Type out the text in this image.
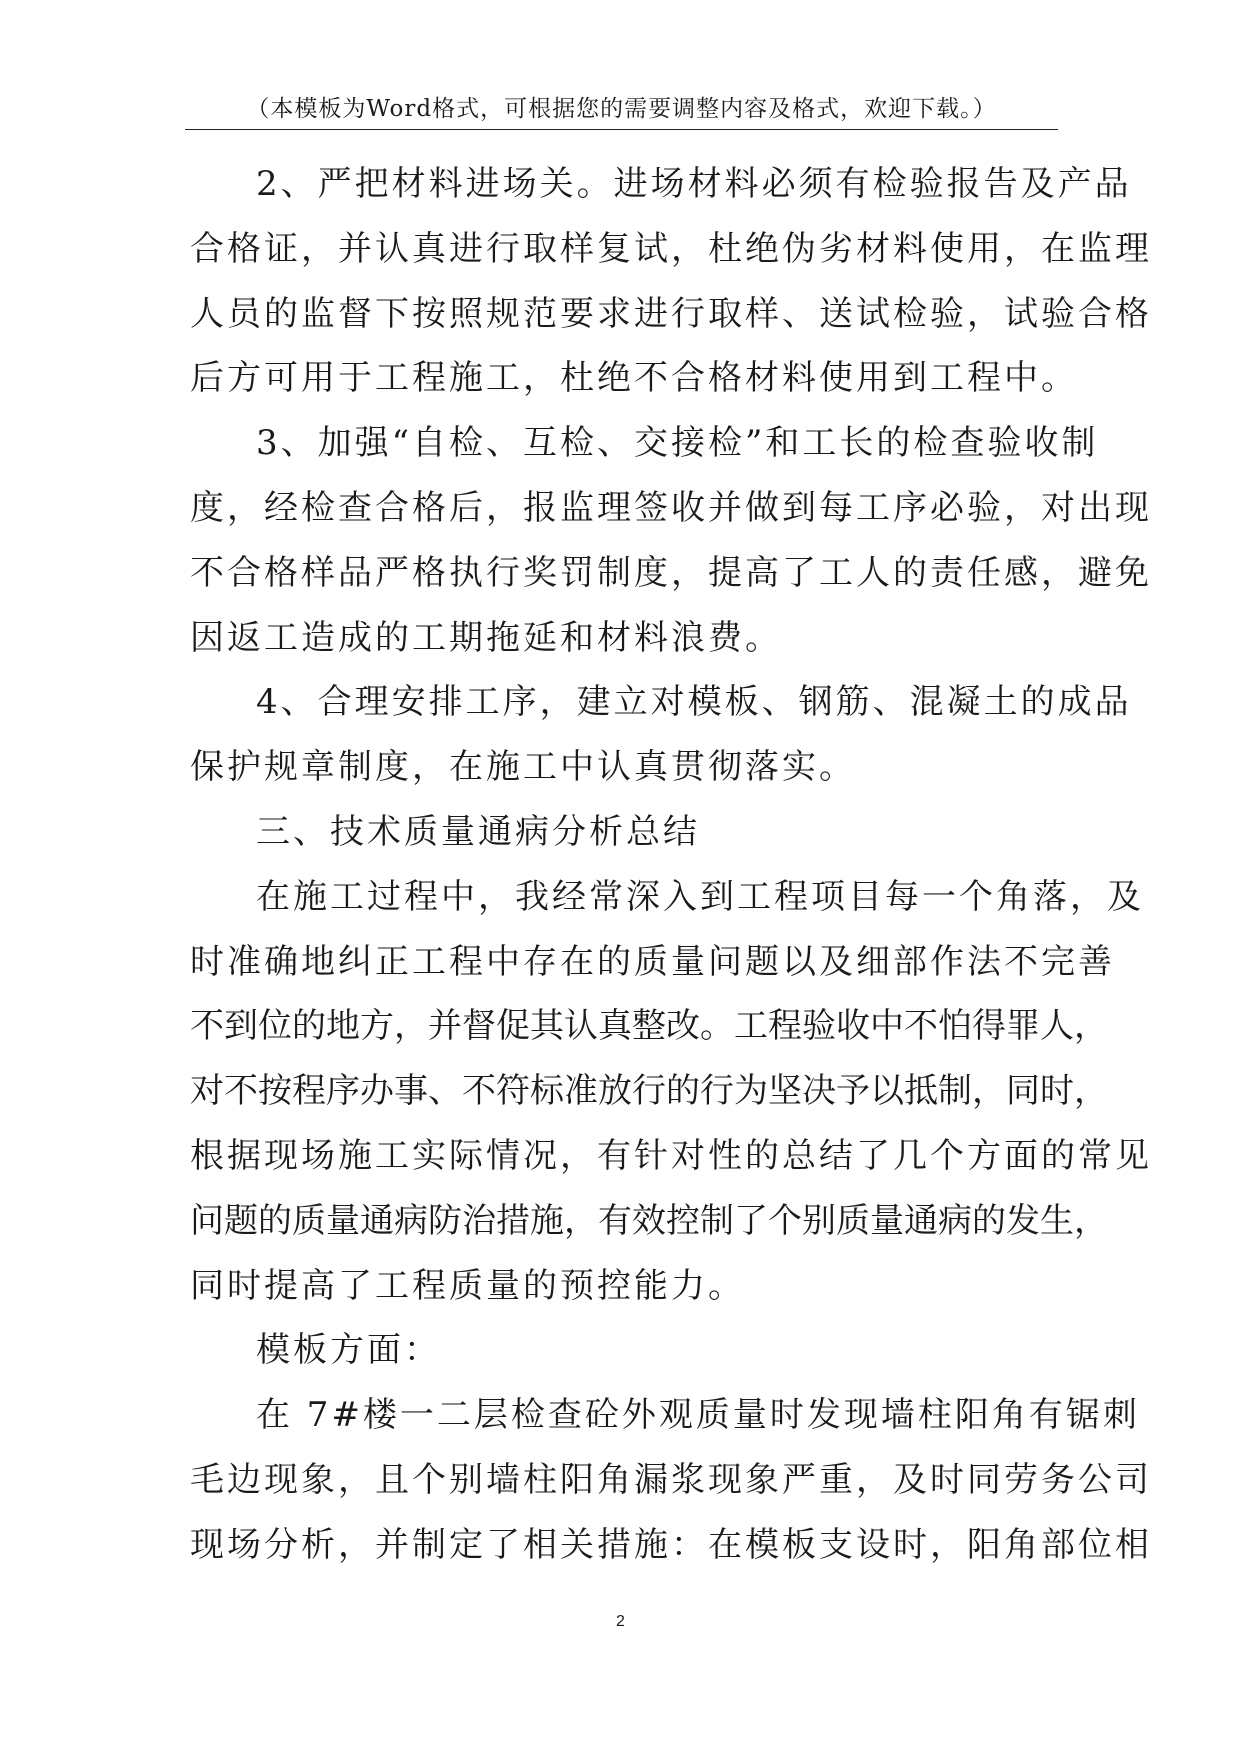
（本模板为Word格式，可根据您的需要调整内容及格式，欢迎下载。）
2、严把材料进场关。进场材料必须有检验报告及产品
合格证，并认真进行取样复试，杜绝伪劣材料使用，在监理
人员的监督下按照规范要求进行取样、送试检验，试验合格
后方可用于工程施工，杜绝不合格材料使用到工程中。
3、加强“自检、互检、交接检”和工长的检查验收制
度，经检查合格后，报监理签收并做到每工序必验，对出现
不合格样品严格执行奖罚制度，提高了工人的责任感，避免
因返工造成的工期拖延和材料浪费。
4、合理安排工序，建立对模板、钢筋、混凝土的成品
保护规章制度，在施工中认真贯彻落实。
三、技术质量通病分析总结
在施工过程中，我经常深入到工程项目每一个角落，及
时准确地纠正工程中存在的质量问题以及细部作法不完善
不到位的地方，并督促其认真整改。工程验收中不怕得罪人，
对不按程序办事、不符标准放行的行为坚决予以抵制，同时，
根据现场施工实际情况，有针对性的总结了几个方面的常见
问题的质量通病防治措施，有效控制了个别质量通病的发生，
同时提高了工程质量的预控能力。
模板方面：
在 7#楼一二层检查砼外观质量时发现墙柱阳角有锯刺
毛边现象，且个别墙柱阳角漏浆现象严重，及时同劳务公司
现场分析，并制定了相关措施：在模板支设时，阳角部位相
2
